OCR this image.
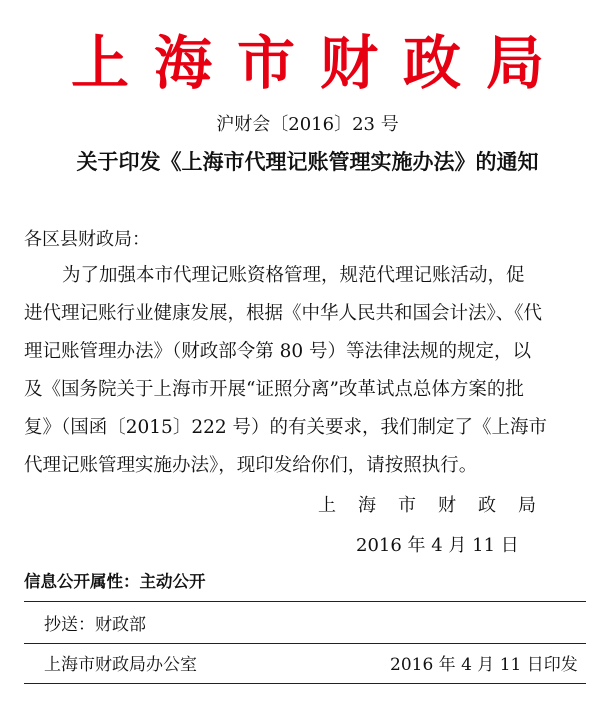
上海市财政局
沪财会〔2016〕23 号
关于印发《上海市代理记账管理实施办法》的通知
各区县财政局：
为了加强本市代理记账资格管理，规范代理记账活动，促
进代理记账行业健康发展，根据《中华人民共和国会计法》、《代
理记账管理办法》（财政部令第 80 号）等法律法规的规定，以
及《国务院关于上海市开展“证照分离”改革试点总体方案的批
复》（国函〔2015〕222 号）的有关要求，我们制定了《上海市
代理记账管理实施办法》，现印发给你们，请按照执行。
上海市财政局
2016 年 4 月 11 日
信息公开属性：主动公开
抄送：财政部
上海市财政局办公室	2016 年 4 月 11 日印发
